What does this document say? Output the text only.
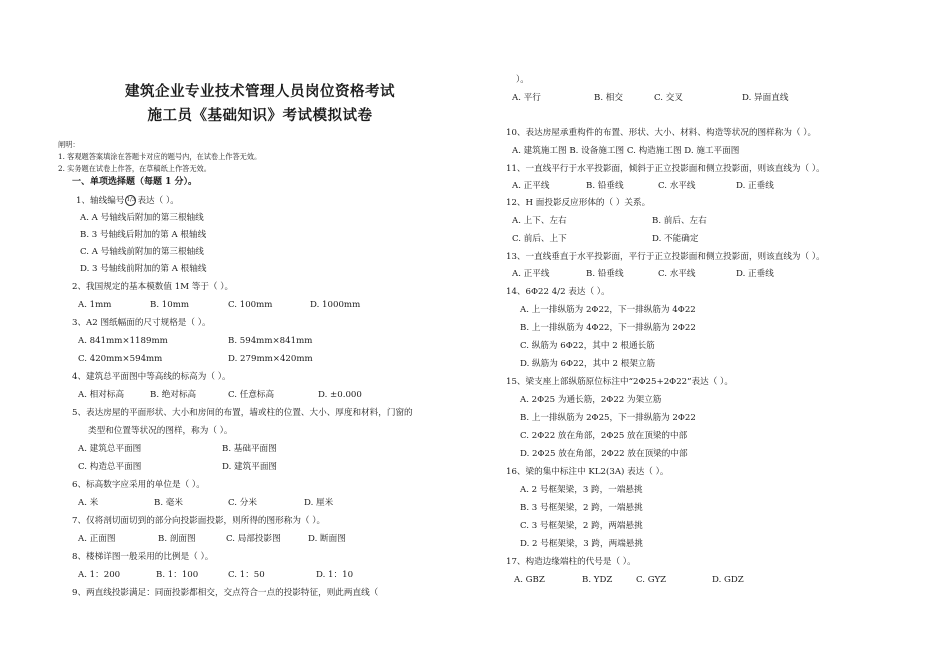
建筑企业专业技术管理人员岗位资格考试
施工员《基础知识》考试模拟试卷
闸明：
1. 客观题答案填涂在答题卡对应的题号内，在试卷上作答无效。
2. 实务题在试卷上作答，在草稿纸上作答无效。
一、单项选择题（每题 1 分）。
1、轴线编号 1/3 表达（ ）。
A. A 号轴线后附加的第三根轴线
B. 3 号轴线后附加的第 A 根轴线
C. A 号轴线前附加的第三根轴线
D. 3 号轴线前附加的第 A 根轴线
2、我国规定的基本模数值 1M 等于（ ）。
A. 1mm	B. 10mm	C. 100mm	D. 1000mm
3、A2 图纸幅面的尺寸规格是（ ）。
A. 841mm×1189mm	B. 594mm×841mm
C. 420mm×594mm	D. 279mm×420mm
4、建筑总平面图中等高线的标高为（ ）。
A. 相对标高	B. 绝对标高	C. 任意标高	D. ±0.000
5、表达房屋的平面形状、大小和房间的布置，墙或柱的位置、大小、厚度和材料，门窗的
类型和位置等状况的图样，称为（ ）。
A. 建筑总平面图	B. 基础平面图
C. 构造总平面图	D. 建筑平面图
6、标高数字应采用的单位是（ ）。
A. 米	B. 毫米	C. 分米	D. 厘米
7、仅将剖切面切到的部分向投影面投影，则所得的图形称为（ ）。
A. 正面图	B. 剖面图	C. 局部投影图	D. 断面图
8、楼梯详图一般采用的比例是（ ）。
A. 1：200	B. 1：100	C. 1：50	D. 1：10
9、两直线投影满足：同面投影都相交，交点符合一点的投影特征，则此两直线（
）。
A. 平行	B. 相交	C. 交叉	D. 异面直线
10、表达房屋承重构件的布置、形状、大小、材料、构造等状况的图样称为（ ）。
A. 建筑施工图 B. 设备施工图 C. 构造施工图 D. 施工平面图
11、一直线平行于水平投影面，倾斜于正立投影面和侧立投影面，则该直线为（ ）。
A. 正平线	B. 铅垂线	C. 水平线	D. 正垂线
12、H 面投影反应形体的（ ）关系。
A. 上下、左右	B. 前后、左右
C. 前后、上下	D. 不能确定
13、一直线垂直于水平投影面，平行于正立投影面和侧立投影面，则该直线为（ ）。
A. 正平线	B. 铅垂线	C. 水平线	D. 正垂线
14、6Φ22 4/2 表达（ ）。
A. 上一排纵筋为 2Φ22，下一排纵筋为 4Φ22
B. 上一排纵筋为 4Φ22，下一排纵筋为 2Φ22
C. 纵筋为 6Φ22，其中 2 根通长筋
D. 纵筋为 6Φ22，其中 2 根架立筋
15、梁支座上部纵筋原位标注中“2Φ25+2Φ22”表达（ ）。
A. 2Φ25 为通长筋，2Φ22 为架立筋
B. 上一排纵筋为 2Φ25，下一排纵筋为 2Φ22
C. 2Φ22 放在角部，2Φ25 放在顶梁的中部
D. 2Φ25 放在角部，2Φ22 放在顶梁的中部
16、梁的集中标注中 KL2(3A) 表达（ ）。
A. 2 号框架梁，3 跨，一端悬挑
B. 3 号框架梁，2 跨，一端悬挑
C. 3 号框架梁，2 跨，两端悬挑
D. 2 号框架梁，3 跨，两端悬挑
17、构造边缘端柱的代号是（ ）。
A. GBZ	B. YDZ	C. GYZ	D. GDZ
